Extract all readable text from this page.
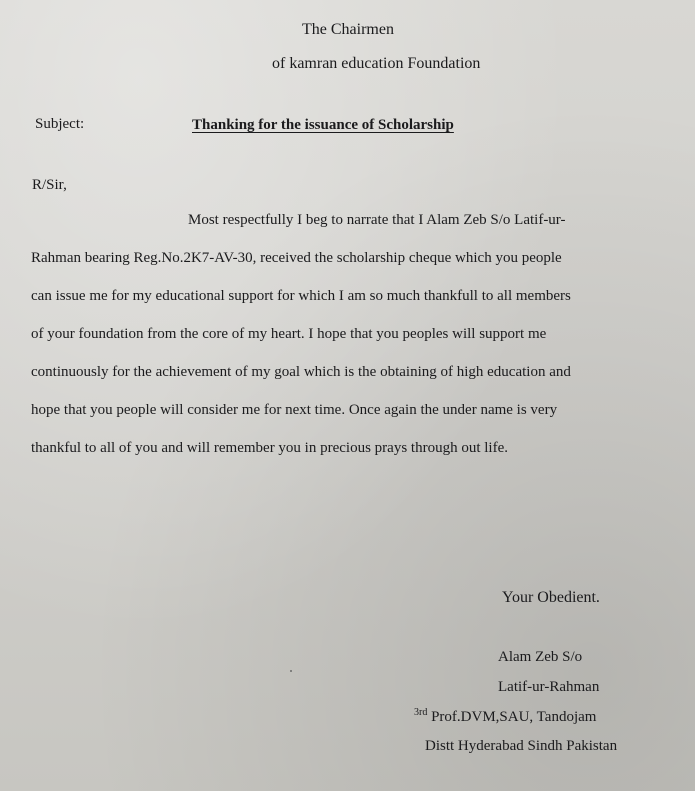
The Chairmen
of kamran education Foundation
Subject:	Thanking for the issuance of Scholarship
R/Sir,
Most respectfully I beg to narrate that I Alam Zeb S/o Latif-ur-
Rahman bearing Reg.No.2K7-AV-30, received the scholarship cheque which you people
can issue me for my educational support for which I am so much thankfull to all members
of your foundation from the core of my heart. I hope that you peoples will support me
continuously for the achievement of my goal which is the obtaining of high education and
hope that you people will consider me for next time. Once again the under name is very
thankful to all of you and will remember you in precious prays through out life.
Your Obedient.
Alam Zeb S/o
Latif-ur-Rahman
$^{3rd}$ Prof.DVM,SAU, Tandojam
Distt Hyderabad Sindh Pakistan
